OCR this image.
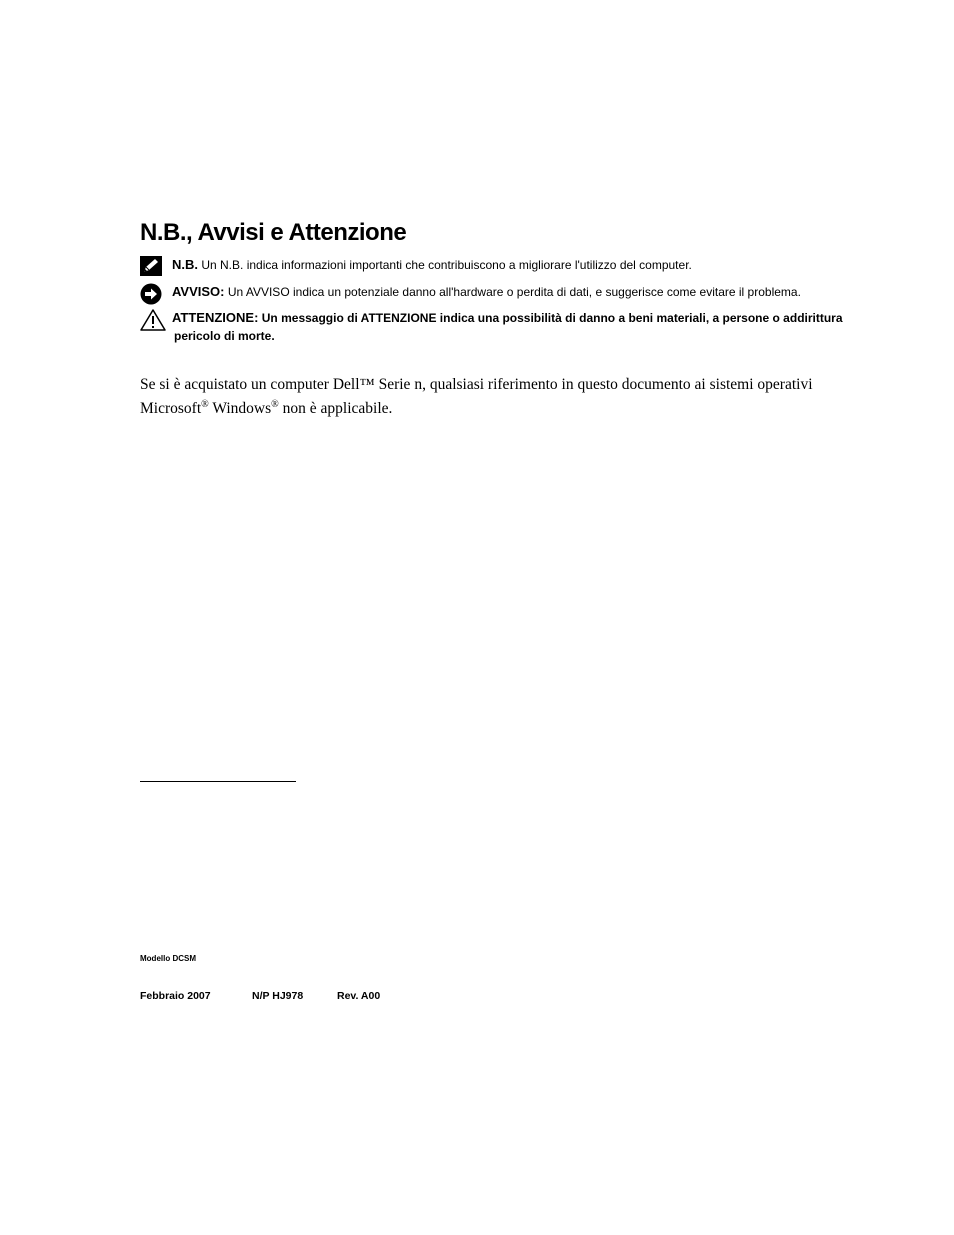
N.B., Avvisi e Attenzione
N.B. Un N.B. indica informazioni importanti che contribuiscono a migliorare l'utilizzo del computer.
AVVISO: Un AVVISO indica un potenziale danno all'hardware o perdita di dati, e suggerisce come evitare il problema.
ATTENZIONE: Un messaggio di ATTENZIONE indica una possibilità di danno a beni materiali, a persone o addirittura
pericolo di morte.

Se si è acquistato un computer Dell™ Serie n, qualsiasi riferimento in questo documento ai sistemi operativi Microsoft® Windows® non è applicabile.

Modello DCSM
Febbraio 2007	N/P HJ978	Rev. A00
